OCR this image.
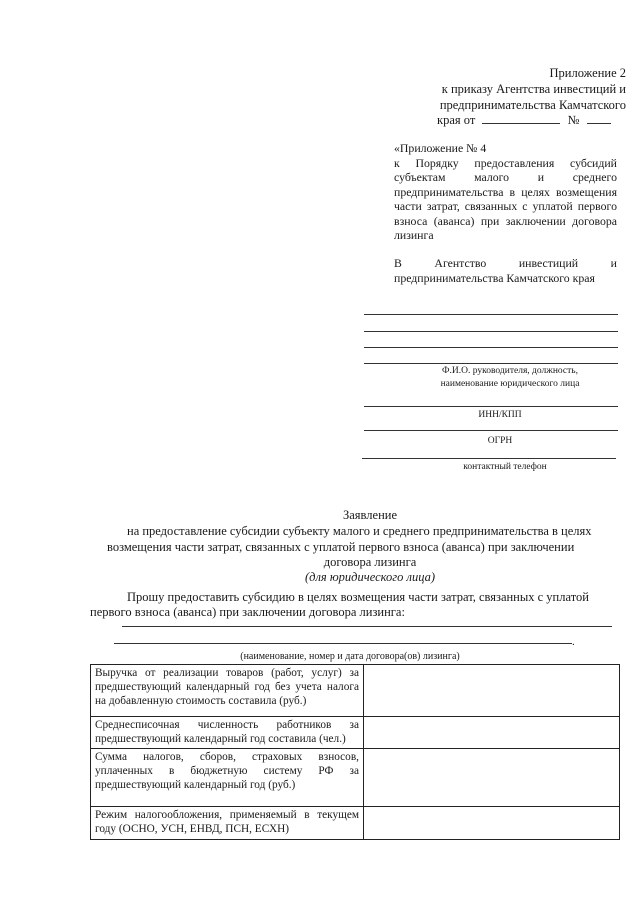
Приложение 2
к приказу Агентства инвестиций и
предпринимательства Камчатского
края от	№
«Приложение № 4
к Порядку предоставления субсидий
субъектам малого и среднего
предпринимательства в целях возмещения
части затрат, связанных с уплатой первого
взноса (аванса) при заключении договора
лизинга
В Агентство инвестиций и
предпринимательства Камчатского края
Ф.И.О. руководителя, должность,
наименование юридического лица
ИНН/КПП
ОГРН
контактный телефон
Заявление
на предоставление субсидии субъекту малого и среднего предпринимательства в целях
возмещения части затрат, связанных с уплатой первого взноса (аванса) при заключении
договора лизинга
(для юридического лица)
Прошу предоставить субсидию в целях возмещения части затрат, связанных с уплатой
первого взноса (аванса) при заключении договора лизинга:
.
(наименование, номер и дата договора(ов) лизинга)
Выручка от реализации товаров (работ, услуг) за предшествующий календарный год без учета налога на добавленную стоимость составила (руб.)	
Среднесписочная численность работников за предшествующий календарный год составила (чел.)	
Сумма налогов, сборов, страховых взносов, уплаченных в бюджетную систему РФ за предшествующий календарный год (руб.)	
Режим налогообложения, применяемый в текущем году (ОСНО, УСН, ЕНВД, ПСН, ЕСХН)	
